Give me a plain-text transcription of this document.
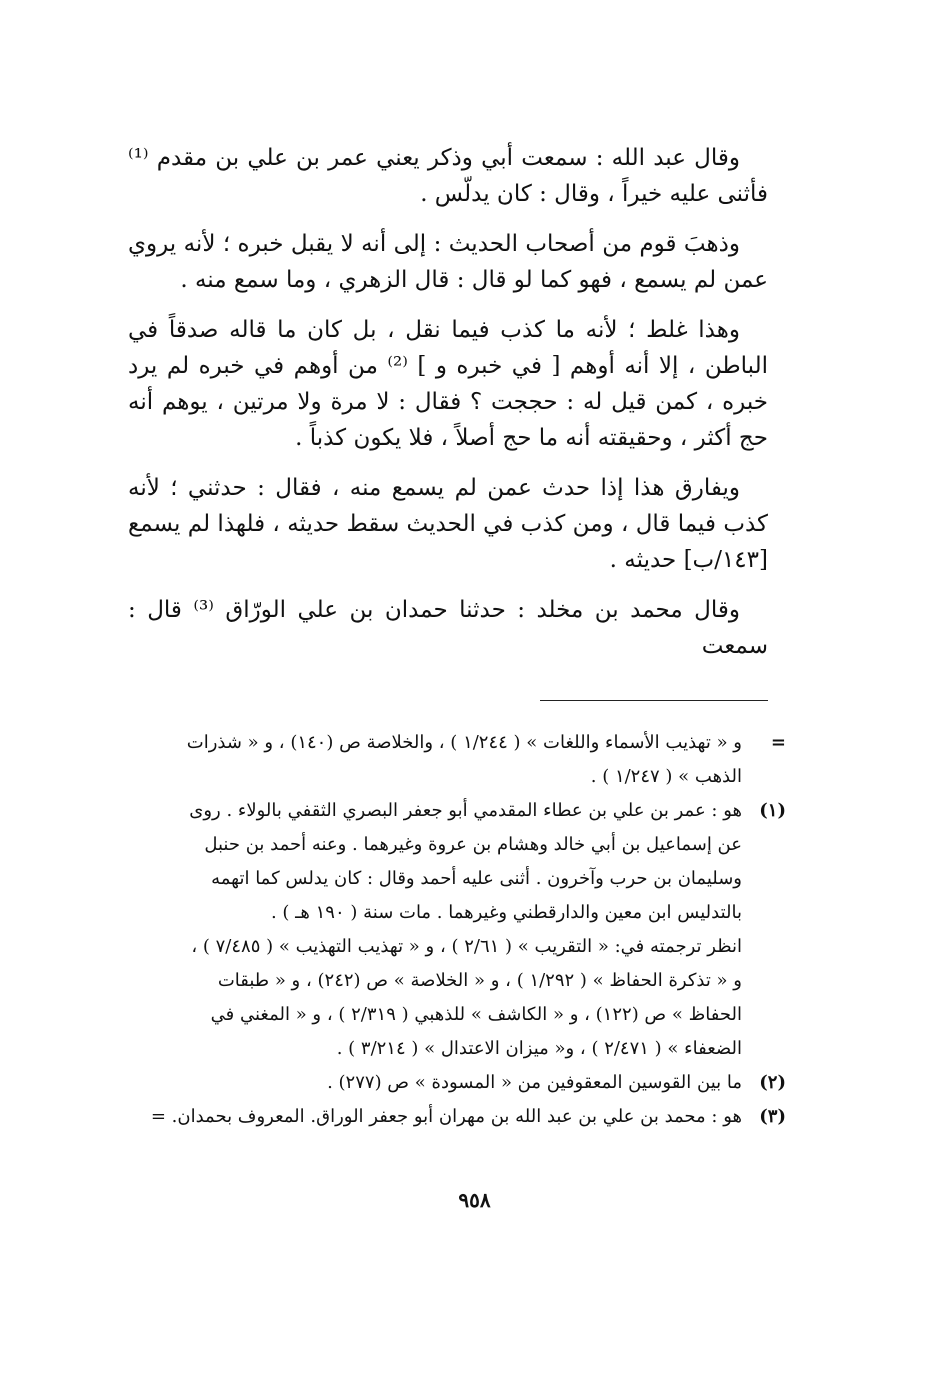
وقال عبد الله : سمعت أبي وذكر يعني عمر بن علي بن مقدم ⁽¹⁾ فأثنى عليه خيراً ، وقال : كان يدلّس .

وذهبَ قوم من أصحاب الحديث : إلى أنه لا يقبل خبره ؛ لأنه يروي عمن لم يسمع ، فهو كما لو قال : قال الزهري ، وما سمع منه .

وهذا غلط ؛ لأنه ما كذب فيما نقل ، بل كان ما قاله صدقاً في الباطن ، إلا أنه أوهم [ في خبره و ] ⁽²⁾ من أوهم في خبره لم يرد خبره ، كمن قيل له : حججت ؟ فقال : لا مرة ولا مرتين ، يوهم أنه حج أكثر ، وحقيقته أنه ما حج أصلاً ، فلا يكون كذباً .

ويفارق هذا إذا حدث عمن لم يسمع منه ، فقال : حدثني ؛ لأنه كذب فيما قال ، ومن كذب في الحديث سقط حديثه ، فلهذا لم يسمع [١٤٣/ب] حديثه .

وقال محمد بن مخلد : حدثنا حمدان بن علي الورّاق ⁽³⁾ قال : سمعت

=
و « تهذيب الأسماء واللغات » ( ١/٢٤٤ ) ، والخلاصة ص (١٤٠) ، و « شذرات
الذهب » ( ١/٢٤٧ ) .
(١)
هو : عمر بن علي بن عطاء المقدمي أبو جعفر البصري الثقفي بالولاء . روى
عن إسماعيل بن أبي خالد وهشام بن عروة وغيرهما . وعنه أحمد بن حنبل
وسليمان بن حرب وآخرون . أثنى عليه أحمد وقال : كان يدلس كما اتهمه
بالتدليس ابن معين والدارقطني وغيرهما . مات سنة ( ١٩٠ هـ ) .
انظر ترجمته في: « التقريب » ( ٢/٦١ ) ، و « تهذيب التهذيب » ( ٧/٤٨٥ ) ،
و « تذكرة الحفاظ » ( ١/٢٩٢ ) ، و « الخلاصة » ص (٢٤٢) ، و « طبقات
الحفاظ » ص (١٢٢) ، و « الكاشف » للذهبي ( ٢/٣١٩ ) ، و « المغني في
الضعفاء » ( ٢/٤٧١ ) ، و« ميزان الاعتدال » ( ٣/٢١٤ ) .
(٢)
ما بين القوسين المعقوفين من « المسودة » ص (٢٧٧) .
(٣)
هو : محمد بن علي بن عبد الله بن مهران أبو جعفر الوراق. المعروف بحمدان. =
٩٥٨
